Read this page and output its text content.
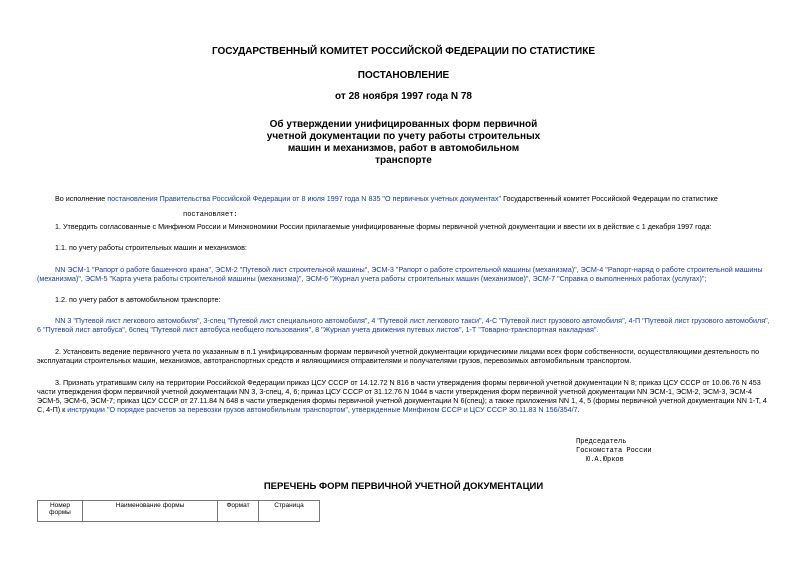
ГОСУДАРСТВЕННЫЙ КОМИТЕТ РОССИЙСКОЙ ФЕДЕРАЦИИ ПО СТАТИСТИКЕ
ПОСТАНОВЛЕНИЕ
от 28 ноября 1997 года N 78
Об утверждении унифицированных форм первичной
учетной документации по учету работы строительных
машин и механизмов, работ в автомобильном
транспорте
Во исполнение постановления Правительства Российской Федерации от 8 июля 1997 года N 835 "О первичных учетных документах" Государственный комитет Российской Федерации по статистике
постановляет:
1. Утвердить согласованные с Минфином России и Минэкономики России прилагаемые унифицированные формы первичной учетной документации и ввести их в действие с 1 декабря 1997 года:
1.1. по учету работы строительных машин и механизмов:
NN ЭСМ-1 "Рапорт о работе башенного крана", ЭСМ-2 "Путевой лист строительной машины", ЭСМ-3 "Рапорт о работе строительной машины (механизма)", ЭСМ-4 "Рапорт-наряд о работе строительной машины
(механизма)", ЭСМ-5 "Карта учета работы строительной машины (механизма)", ЭСМ-6 "Журнал учета работы строительных машин (механизмов)", ЭСМ-7 "Справка о выполненных работах (услугах)";
1.2. по учету работ в автомобильном транспорте:
NN 3 "Путевой лист легкового автомобиля", 3-спец "Путевой лист специального автомобиля", 4 "Путевой лист легкового такси", 4-С "Путевой лист грузового автомобиля", 4-П "Путевой лист грузового автомобиля",
6 "Путевой лист автобуса", 6спец "Путевой лист автобуса необщего пользования", 8 "Журнал учета движения путевых листов", 1-Т "Товарно-транспортная накладная".
2. Установить ведение первичного учета по указанным в п.1 унифицированным формам первичной учетной документации юридическими лицами всех форм собственности, осуществляющими деятельность по
эксплуатации строительных машин, механизмов, автотранспортных средств и являющимися отправителями и получателями грузов, перевозимых автомобильным транспортом.
3. Признать утратившим силу на территории Российской Федерации приказ ЦСУ СССР от 14.12.72 N 816 в части утверждения формы первичной учетной документации N 8; приказ ЦСУ СССР от 10.06.76 N 453
части утверждения форм первичной учетной документации NN 3, 3-спец, 4, 6; приказ ЦСУ СССР от 31.12.76 N 1044 в части утверждения форм первичной учетной документации NN ЭСМ-1, ЭСМ-2, ЭСМ-3, ЭСМ-4
ЭСМ-5, ЭСМ-6, ЭСМ-7; приказ ЦСУ СССР от 27.11.84 N 648 в части утверждения формы первичной учетной документации N 6(спец); а также приложения NN 1, 4, 5 (формы первичной учетной документации NN 1-Т, 4
С, 4-П) к инструкции "О порядке расчетов за перевозки грузов автомобильным транспортом", утвержденные Минфином СССР и ЦСУ СССР 30.11.83 N 156/354/7.
Председатель
Госкомстата России
Ю.А.Юрков
ПЕРЕЧЕНЬ ФОРМ ПЕРВИЧНОЙ УЧЕТНОЙ ДОКУМЕНТАЦИИ
Номер формы	Наименование формы	Формат	Страница
